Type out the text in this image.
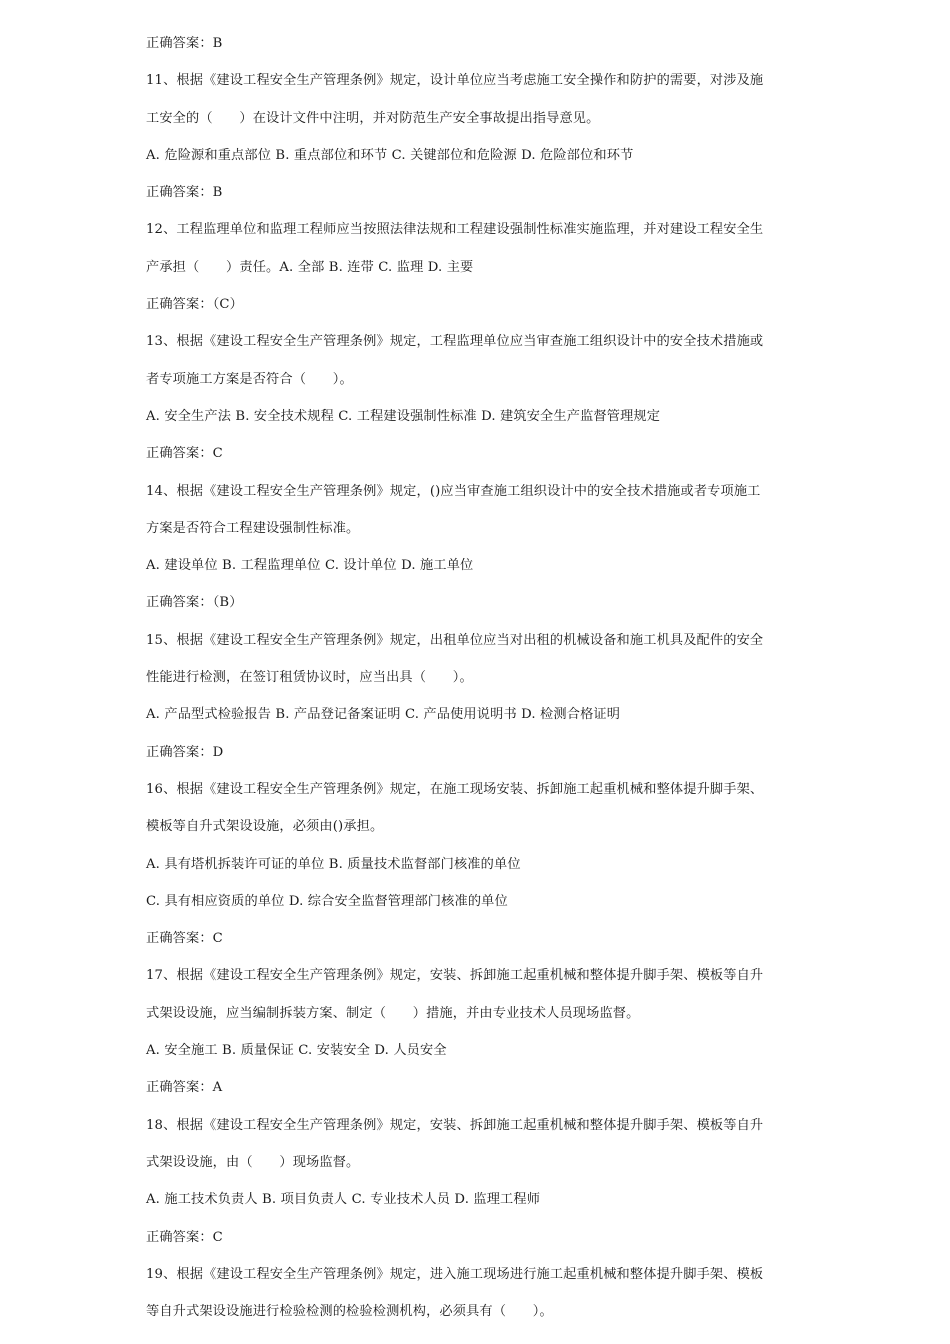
正确答案：B
11、根据《建设工程安全生产管理条例》规定，设计单位应当考虑施工安全操作和防护的需要，对涉及施
工安全的（　　）在设计文件中注明，并对防范生产安全事故提出指导意见。
A. 危险源和重点部位 B. 重点部位和环节 C. 关键部位和危险源 D. 危险部位和环节
正确答案：B
12、工程监理单位和监理工程师应当按照法律法规和工程建设强制性标准实施监理，并对建设工程安全生
产承担（　　）责任。A. 全部 B. 连带 C. 监理 D. 主要
正确答案：（C）
13、根据《建设工程安全生产管理条例》规定，工程监理单位应当审查施工组织设计中的安全技术措施或
者专项施工方案是否符合（　　）。
A. 安全生产法 B. 安全技术规程 C. 工程建设强制性标准 D. 建筑安全生产监督管理规定
正确答案：C
14、根据《建设工程安全生产管理条例》规定，()应当审查施工组织设计中的安全技术措施或者专项施工
方案是否符合工程建设强制性标准。
A. 建设单位 B. 工程监理单位 C. 设计单位 D. 施工单位
正确答案：（B）
15、根据《建设工程安全生产管理条例》规定，出租单位应当对出租的机械设备和施工机具及配件的安全
性能进行检测，在签订租赁协议时，应当出具（　　）。
A. 产品型式检验报告 B. 产品登记备案证明 C. 产品使用说明书 D. 检测合格证明
正确答案：D
16、根据《建设工程安全生产管理条例》规定，在施工现场安装、拆卸施工起重机械和整体提升脚手架、
模板等自升式架设设施，必须由()承担。
A. 具有塔机拆装许可证的单位 B. 质量技术监督部门核准的单位
C. 具有相应资质的单位 D. 综合安全监督管理部门核准的单位
正确答案：C
17、根据《建设工程安全生产管理条例》规定，安装、拆卸施工起重机械和整体提升脚手架、模板等自升
式架设设施，应当编制拆装方案、制定（　　）措施，并由专业技术人员现场监督。
A. 安全施工 B. 质量保证 C. 安装安全 D. 人员安全
正确答案：A
18、根据《建设工程安全生产管理条例》规定，安装、拆卸施工起重机械和整体提升脚手架、模板等自升
式架设设施，由（　　）现场监督。
A. 施工技术负责人 B. 项目负责人 C. 专业技术人员 D. 监理工程师
正确答案：C
19、根据《建设工程安全生产管理条例》规定，进入施工现场进行施工起重机械和整体提升脚手架、模板
等自升式架设设施进行检验检测的检验检测机构，必须具有（　　）。
